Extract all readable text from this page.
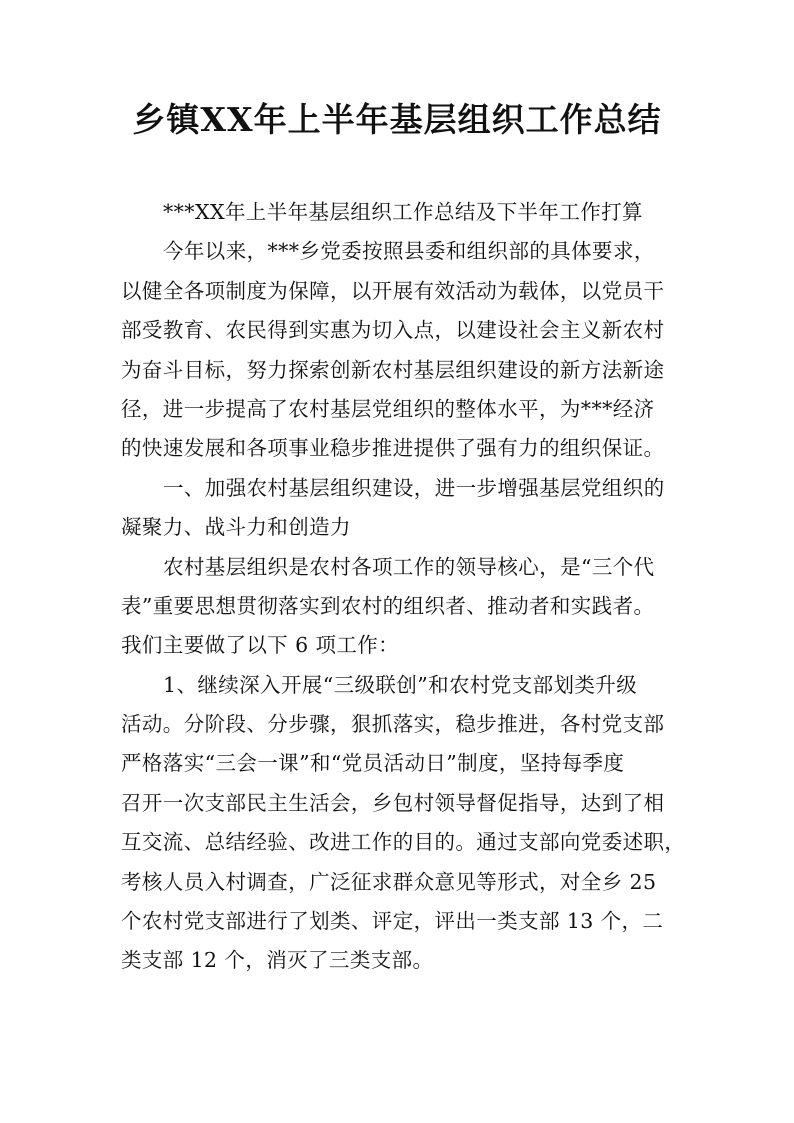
乡镇XX年上半年基层组织工作总结
***XX年上半年基层组织工作总结及下半年工作打算
今年以来，***乡党委按照县委和组织部的具体要求，
以健全各项制度为保障，以开展有效活动为载体，以党员干
部受教育、农民得到实惠为切入点，以建设社会主义新农村
为奋斗目标，努力探索创新农村基层组织建设的新方法新途
径，进一步提高了农村基层党组织的整体水平，为***经济
的快速发展和各项事业稳步推进提供了强有力的组织保证。
一、加强农村基层组织建设，进一步增强基层党组织的
凝聚力、战斗力和创造力
农村基层组织是农村各项工作的领导核心，是“三个代
表”重要思想贯彻落实到农村的组织者、推动者和实践者。
我们主要做了以下 6 项工作：
1、继续深入开展“三级联创”和农村党支部划类升级
活动。分阶段、分步骤，狠抓落实，稳步推进，各村党支部
严格落实“三会一课”和“党员活动日”制度，坚持每季度
召开一次支部民主生活会，乡包村领导督促指导，达到了相
互交流、总结经验、改进工作的目的。通过支部向党委述职，
考核人员入村调查，广泛征求群众意见等形式，对全乡 25
个农村党支部进行了划类、评定，评出一类支部 13 个，二
类支部 12 个，消灭了三类支部。
